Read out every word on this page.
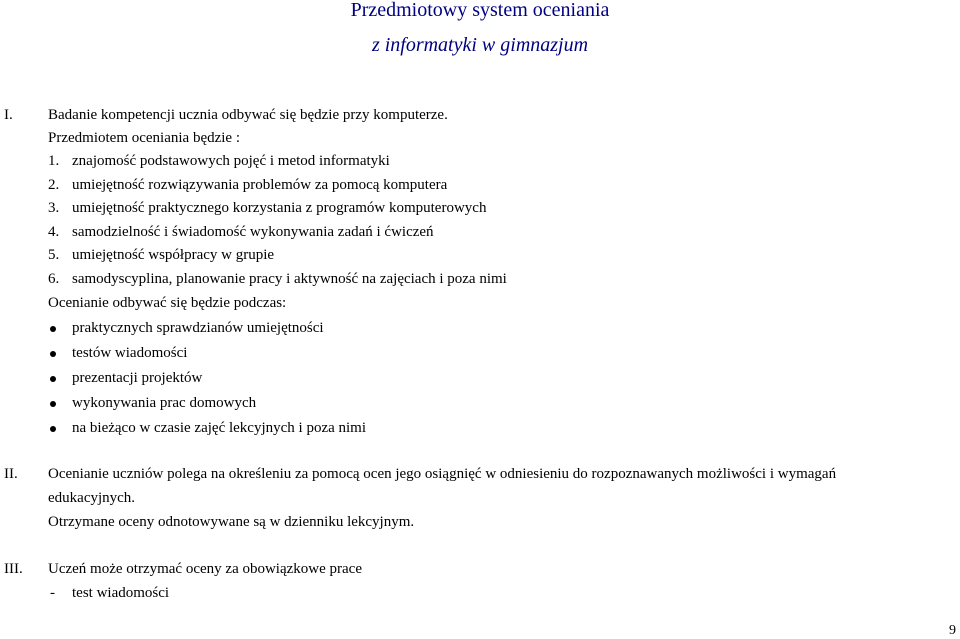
Przedmiotowy system oceniania
z informatyki w gimnazjum
I. Badanie kompetencji ucznia odbywać się będzie przy komputerze.
Przedmiotem oceniania będzie :
1. znajomość podstawowych pojęć i metod informatyki
2. umiejętność rozwiązywania problemów za pomocą komputera
3. umiejętność praktycznego korzystania z programów komputerowych
4. samodzielność i świadomość wykonywania zadań i ćwiczeń
5. umiejętność współpracy w grupie
6. samodyscyplina, planowanie pracy i aktywność na zajęciach i poza nimi
Ocenianie odbywać się będzie podczas:
praktycznych sprawdzianów umiejętności
testów wiadomości
prezentacji projektów
wykonywania prac domowych
na bieżąco w czasie zajęć lekcyjnych i poza nimi
II. Ocenianie uczniów polega na określeniu za pomocą ocen jego osiągnięć w odniesieniu do rozpoznawanych możliwości i wymagań
edukacyjnych.
Otrzymane oceny odnotowywane są w dzienniku lekcyjnym.
III. Uczeń może otrzymać oceny za obowiązkowe prace
- test wiadomości
9
